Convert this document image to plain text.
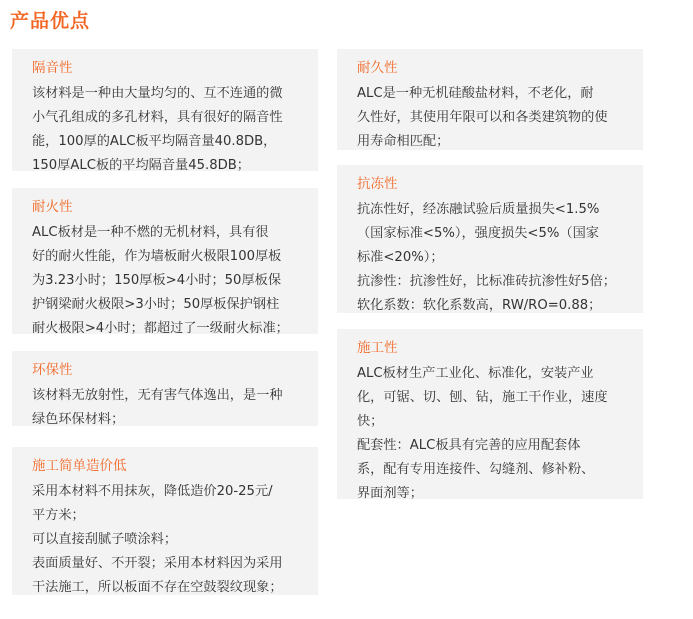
产品优点
隔音性
该材料是一种由大量均匀的、互不连通的微
小气孔组成的多孔材料，具有很好的隔音性
能，100厚的ALC板平均隔音量40.8DB，
150厚ALC板的平均隔音量45.8DB；
耐火性
ALC板材是一种不燃的无机材料，具有很
好的耐火性能，作为墙板耐火极限100厚板
为3.23小时；150厚板>4小时；50厚板保
护钢梁耐火极限>3小时；50厚板保护钢柱
耐火极限>4小时；都超过了一级耐火标准；
环保性
该材料无放射性，无有害气体逸出，是一种
绿色环保材料；
施工简单造价低
采用本材料不用抹灰，降低造价20-25元/
平方米；
可以直接刮腻子喷涂料；
表面质量好、不开裂；采用本材料因为采用
干法施工，所以板面不存在空鼓裂纹现象；
耐久性
ALC是一种无机硅酸盐材料，不老化，耐
久性好，其使用年限可以和各类建筑物的使
用寿命相匹配；
抗冻性
抗冻性好，经冻融试验后质量损失<1.5%
（国家标准<5%），强度损失<5%（国家
标准<20%）；
抗渗性：抗渗性好，比标准砖抗渗性好5倍；
软化系数：软化系数高，RW/RO=0.88；
施工性
ALC板材生产工业化、标准化，安装产业
化，可锯、切、刨、钻，施工干作业，速度
快；
配套性：ALC板具有完善的应用配套体
系，配有专用连接件、勾缝剂、修补粉、
界面剂等；
